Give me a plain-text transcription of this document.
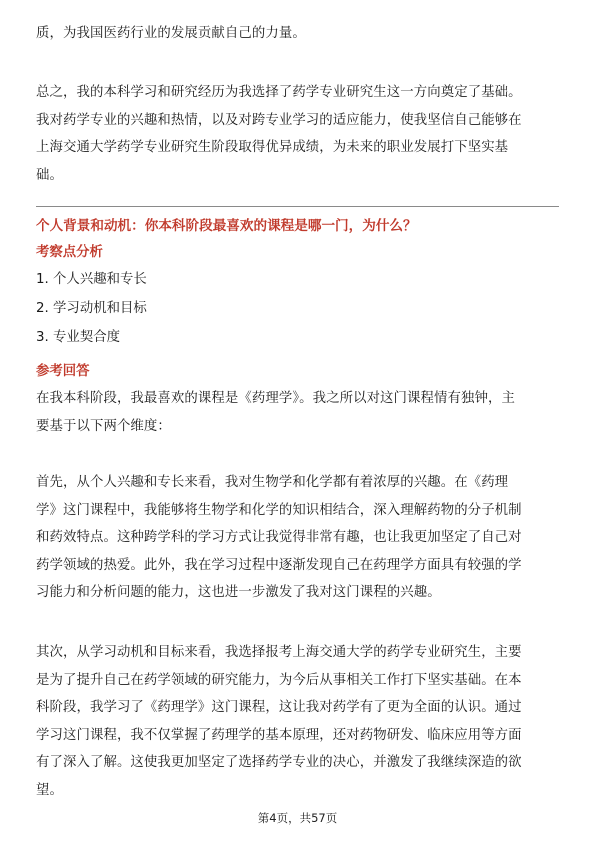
质，为我国医药行业的发展贡献自己的力量。
总之，我的本科学习和研究经历为我选择了药学专业研究生这一方向奠定了基础。
我对药学专业的兴趣和热情，以及对跨专业学习的适应能力，使我坚信自己能够在
上海交通大学药学专业研究生阶段取得优异成绩，为未来的职业发展打下坚实基
础。
个人背景和动机：你本科阶段最喜欢的课程是哪一门，为什么？
考察点分析
1. 个人兴趣和专长
2. 学习动机和目标
3. 专业契合度
参考回答
在我本科阶段，我最喜欢的课程是《药理学》。我之所以对这门课程情有独钟，主
要基于以下两个维度：
首先，从个人兴趣和专长来看，我对生物学和化学都有着浓厚的兴趣。在《药理
学》这门课程中，我能够将生物学和化学的知识相结合，深入理解药物的分子机制
和药效特点。这种跨学科的学习方式让我觉得非常有趣，也让我更加坚定了自己对
药学领域的热爱。此外，我在学习过程中逐渐发现自己在药理学方面具有较强的学
习能力和分析问题的能力，这也进一步激发了我对这门课程的兴趣。
其次，从学习动机和目标来看，我选择报考上海交通大学的药学专业研究生，主要
是为了提升自己在药学领域的研究能力，为今后从事相关工作打下坚实基础。在本
科阶段，我学习了《药理学》这门课程，这让我对药学有了更为全面的认识。通过
学习这门课程，我不仅掌握了药理学的基本原理，还对药物研发、临床应用等方面
有了深入了解。这使我更加坚定了选择药学专业的决心，并激发了我继续深造的欲
望。
第4页，共57页
